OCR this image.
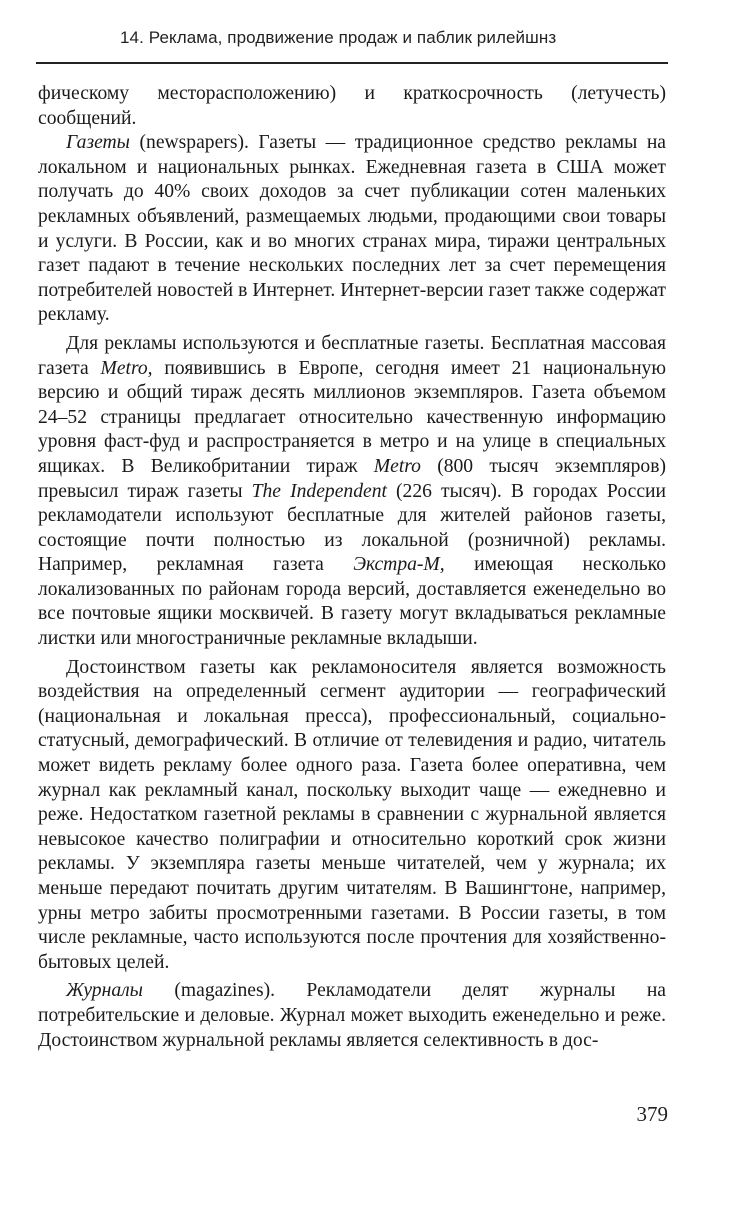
14. Реклама, продвижение продаж и паблик рилейшнз

фическому месторасположению) и краткосрочность (летучесть) сообщений.

Газеты (newspapers). Газеты — традиционное средство рекламы на локальном и национальных рынках. Ежедневная газета в США может получать до 40% своих доходов за счет публикации сотен маленьких рекламных объявлений, размещаемых людьми, продающими свои товары и услуги. В России, как и во многих странах мира, тиражи центральных газет падают в течение нескольких последних лет за счет перемещения потребителей новостей в Интернет. Интернет-версии газет также содержат рекламу.

Для рекламы используются и бесплатные газеты. Бесплатная массовая газета Metro, появившись в Европе, сегодня имеет 21 национальную версию и общий тираж десять миллионов экземпляров. Газета объемом 24–52 страницы предлагает относительно качественную информацию уровня фаст-фуд и распространяется в метро и на улице в специальных ящиках. В Великобритании тираж Metro (800 тысяч экземпляров) превысил тираж газеты The Independent (226 тысяч). В городах России рекламодатели используют бесплатные для жителей районов газеты, состоящие почти полностью из локальной (розничной) рекламы. Например, рекламная газета Экстра-М, имеющая несколько локализованных по районам города версий, доставляется еженедельно во все почтовые ящики москвичей. В газету могут вкладываться рекламные листки или многостраничные рекламные вкладыши.

Достоинством газеты как рекламоносителя является возможность воздействия на определенный сегмент аудитории — географический (национальная и локальная пресса), профессиональный, социально-статусный, демографический. В отличие от телевидения и радио, читатель может видеть рекламу более одного раза. Газета более оперативна, чем журнал как рекламный канал, поскольку выходит чаще — ежедневно и реже. Недостатком газетной рекламы в сравнении с журнальной является невысокое качество полиграфии и относительно короткий срок жизни рекламы. У экземпляра газеты меньше читателей, чем у журнала; их меньше передают почитать другим читателям. В Вашингтоне, например, урны метро забиты просмотренными газетами. В России газеты, в том числе рекламные, часто используются после прочтения для хозяйственно-бытовых целей.

Журналы (magazines). Рекламодатели делят журналы на потребительские и деловые. Журнал может выходить еженедельно и реже. Достоинством журнальной рекламы является селективность в дос-

379
